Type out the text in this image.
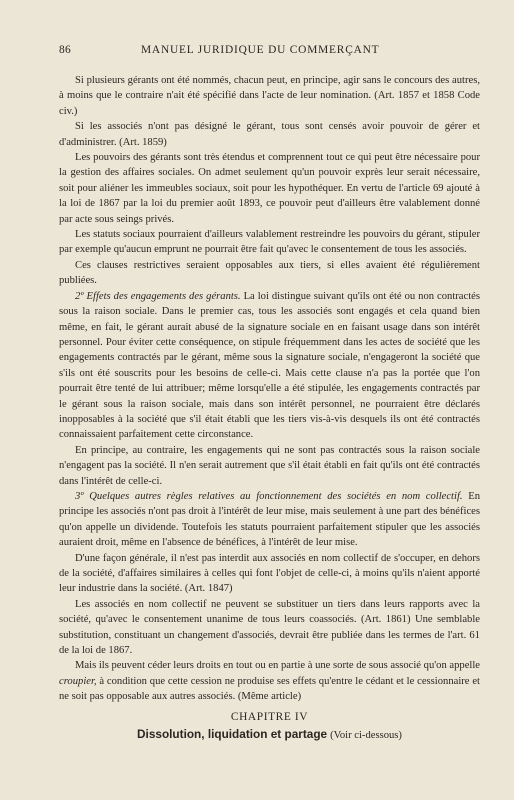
86	MANUEL JURIDIQUE DU COMMERÇANT

Si plusieurs gérants ont été nommés, chacun peut, en principe, agir sans le concours des autres, à moins que le contraire n'ait été spécifié dans l'acte de leur nomination. (Art. 1857 et 1858 Code civ.)

Si les associés n'ont pas désigné le gérant, tous sont censés avoir pouvoir de gérer et d'administrer. (Art. 1859)

Les pouvoirs des gérants sont très étendus et comprennent tout ce qui peut être nécessaire pour la gestion des affaires sociales. On admet seulement qu'un pouvoir exprès leur serait nécessaire, soit pour aliéner les immeubles sociaux, soit pour les hypothéquer. En vertu de l'article 69 ajouté à la loi de 1867 par la loi du premier août 1893, ce pouvoir peut d'ailleurs être valablement donné par acte sous seings privés.

Les statuts sociaux pourraient d'ailleurs valablement restreindre les pouvoirs du gérant, stipuler par exemple qu'aucun emprunt ne pourrait être fait qu'avec le consentement de tous les associés.

Ces clauses restrictives seraient opposables aux tiers, si elles avaient été régulièrement publiées.

2º Effets des engagements des gérants. La loi distingue suivant qu'ils ont été ou non contractés sous la raison sociale. Dans le premier cas, tous les associés sont engagés et cela quand bien même, en fait, le gérant aurait abusé de la signature sociale en en faisant usage dans son intérêt personnel. Pour éviter cette conséquence, on stipule fréquemment dans les actes de société que les engagements contractés par le gérant, même sous la signature sociale, n'engageront la société que s'ils ont été souscrits pour les besoins de celle-ci. Mais cette clause n'a pas la portée que l'on pourrait être tenté de lui attribuer; même lorsqu'elle a été stipulée, les engagements contractés par le gérant sous la raison sociale, mais dans son intérêt personnel, ne pourraient être déclarés inopposables à la société que s'il était établi que les tiers vis-à-vis desquels ils ont été contractés connaissaient parfaitement cette circonstance.

En principe, au contraire, les engagements qui ne sont pas contractés sous la raison sociale n'engagent pas la société. Il n'en serait autrement que s'il était établi en fait qu'ils ont été contractés dans l'intérêt de celle-ci.

3º Quelques autres règles relatives au fonctionnement des sociétés en nom collectif. En principe les associés n'ont pas droit à l'intérêt de leur mise, mais seulement à une part des bénéfices qu'on appelle un dividende. Toutefois les statuts pourraient parfaitement stipuler que les associés auraient droit, même en l'absence de bénéfices, à l'intérêt de leur mise.

D'une façon générale, il n'est pas interdit aux associés en nom collectif de s'occuper, en dehors de la société, d'affaires similaires à celles qui font l'objet de celle-ci, à moins qu'ils n'aient apporté leur industrie dans la société. (Art. 1847)

Les associés en nom collectif ne peuvent se substituer un tiers dans leurs rapports avec la société, qu'avec le consentement unanime de tous leurs coassociés. (Art. 1861) Une semblable substitution, constituant un changement d'associés, devrait être publiée dans les termes de l'art. 61 de la loi de 1867.

Mais ils peuvent céder leurs droits en tout ou en partie à une sorte de sous associé qu'on appelle croupier, à condition que cette cession ne produise ses effets qu'entre le cédant et le cessionnaire et ne soit pas opposable aux autres associés. (Même article)

CHAPITRE IV
Dissolution, liquidation et partage (Voir ci-dessous)
